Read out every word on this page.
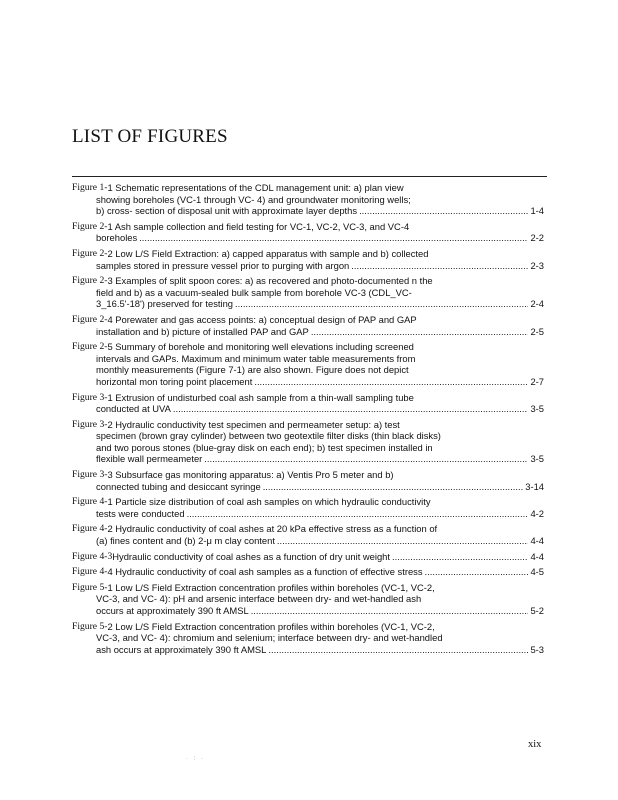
LIST OF FIGURES
Figure 1- 1 Schematic representations of the CDL management unit: a) plan view
showing boreholes (VC-1 through VC- 4) and groundwater monitoring wells;
b) cross- section of disposal unit with approximate layer depths .....	1-4
Figure 2- 1 Ash sample collection and field testing for VC-1, VC-2, VC-3, and VC-4
boreholes .....	2-2
Figure 2- 2 Low L/S Field Extraction: a) capped apparatus with sample and b) collected
samples stored in pressure vessel prior to purging with argon .....	2-3
Figure 2- 3 Examples of split spoon cores: a) as recovered and photo-documented n the
field and b) as a vacuum-sealed bulk sample from borehole VC-3 (CDL_VC-
3_16.5'-18') preserved for testing .....	2-4
Figure 2- 4 Porewater and gas access points: a) conceptual design of PAP and GAP
installation and b) picture of installed PAP and GAP .....	2-5
Figure 2- 5 Summary of borehole and monitoring well elevations including screened
intervals and GAPs. Maximum and minimum water table measurements from
monthly measurements (Figure 7-1) are also shown. Figure does not depict
horizontal mon toring point placement .....	2-7
Figure 3- 1 Extrusion of undisturbed coal ash sample from a thin-wall sampling tube
conducted at UVA .....	3-5
Figure 3- 2 Hydraulic conductivity test specimen and permeameter setup: a) test
specimen (brown gray cylinder) between two geotextile filter disks (thin black disks)
and two porous stones (blue-gray disk on each end); b) test specimen installed in
flexible wall permeameter .....	3-5
Figure 3- 3 Subsurface gas monitoring apparatus: a) Ventis Pro 5 meter and b)
connected tubing and desiccant syringe .....	3-14
Figure 4- 1 Particle size distribution of coal ash samples on which hydraulic conductivity
tests were conducted .....	4-2
Figure 4- 2 Hydraulic conductivity of coal ashes at 20 kPa effective stress as a function of
(a) fines content and (b) 2-μ m clay content .....	4-4
Figure 4-3 Hydraulic conductivity of coal ashes as a function of dry unit weight .....	4-4
Figure 4- 4 Hydraulic conductivity of coal ash samples as a function of effective stress .....	4-5
Figure 5- 1 Low L/S Field Extraction concentration profiles within boreholes (VC-1, VC-2,
VC-3, and VC- 4): pH and arsenic interface between dry- and wet-handled ash
occurs at approximately 390 ft AMSL .....	5-2
Figure 5- 2 Low L/S Field Extraction concentration profiles within boreholes (VC-1, VC-2,
VC-3, and VC- 4): chromium and selenium; interface between dry- and wet-handled
ash occurs at approximately 390 ft AMSL .....	5-3
xix
· : ·
